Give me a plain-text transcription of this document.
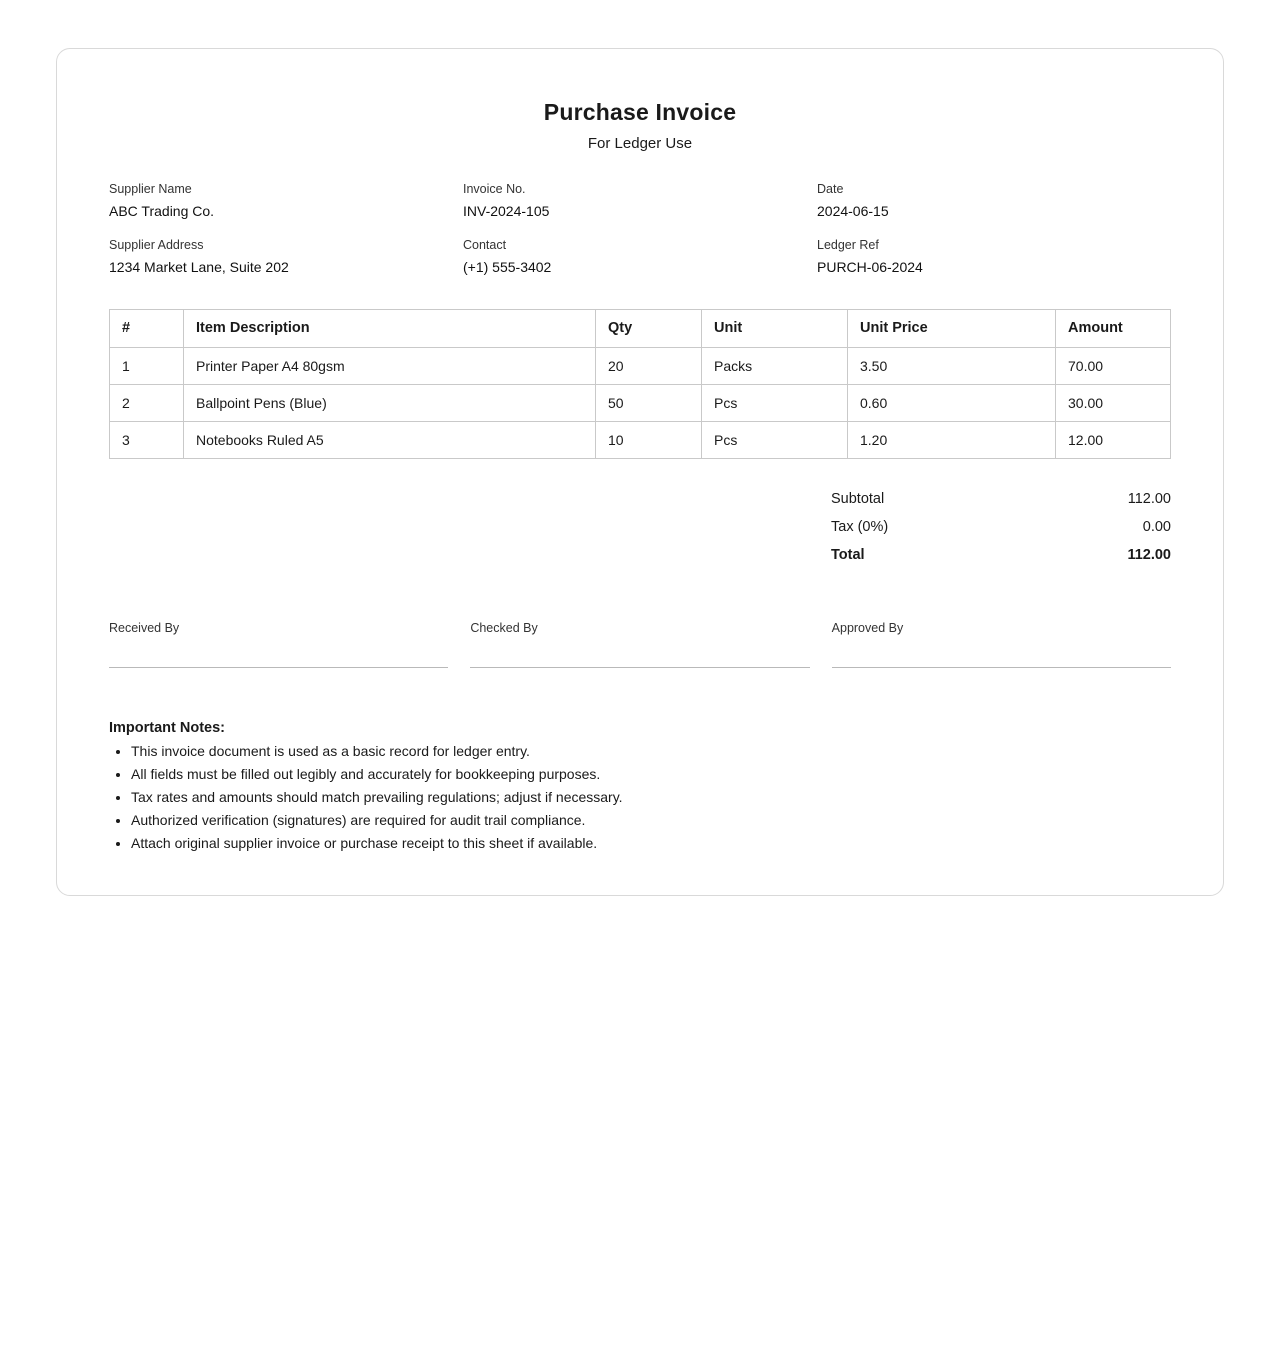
Purchase Invoice
For Ledger Use
Supplier Name
ABC Trading Co.
Invoice No.
INV-2024-105
Date
2024-06-15
Supplier Address
1234 Market Lane, Suite 202
Contact
(+1) 555-3402
Ledger Ref
PURCH-06-2024
#	Item Description	Qty	Unit	Unit Price	Amount
1	Printer Paper A4 80gsm	20	Packs	3.50	70.00
2	Ballpoint Pens (Blue)	50	Pcs	0.60	30.00
3	Notebooks Ruled A5	10	Pcs	1.20	12.00
Subtotal	112.00
Tax (0%)	0.00
Total	112.00
Received By	Checked By	Approved By
Important Notes:
• This invoice document is used as a basic record for ledger entry.
• All fields must be filled out legibly and accurately for bookkeeping purposes.
• Tax rates and amounts should match prevailing regulations; adjust if necessary.
• Authorized verification (signatures) are required for audit trail compliance.
• Attach original supplier invoice or purchase receipt to this sheet if available.
